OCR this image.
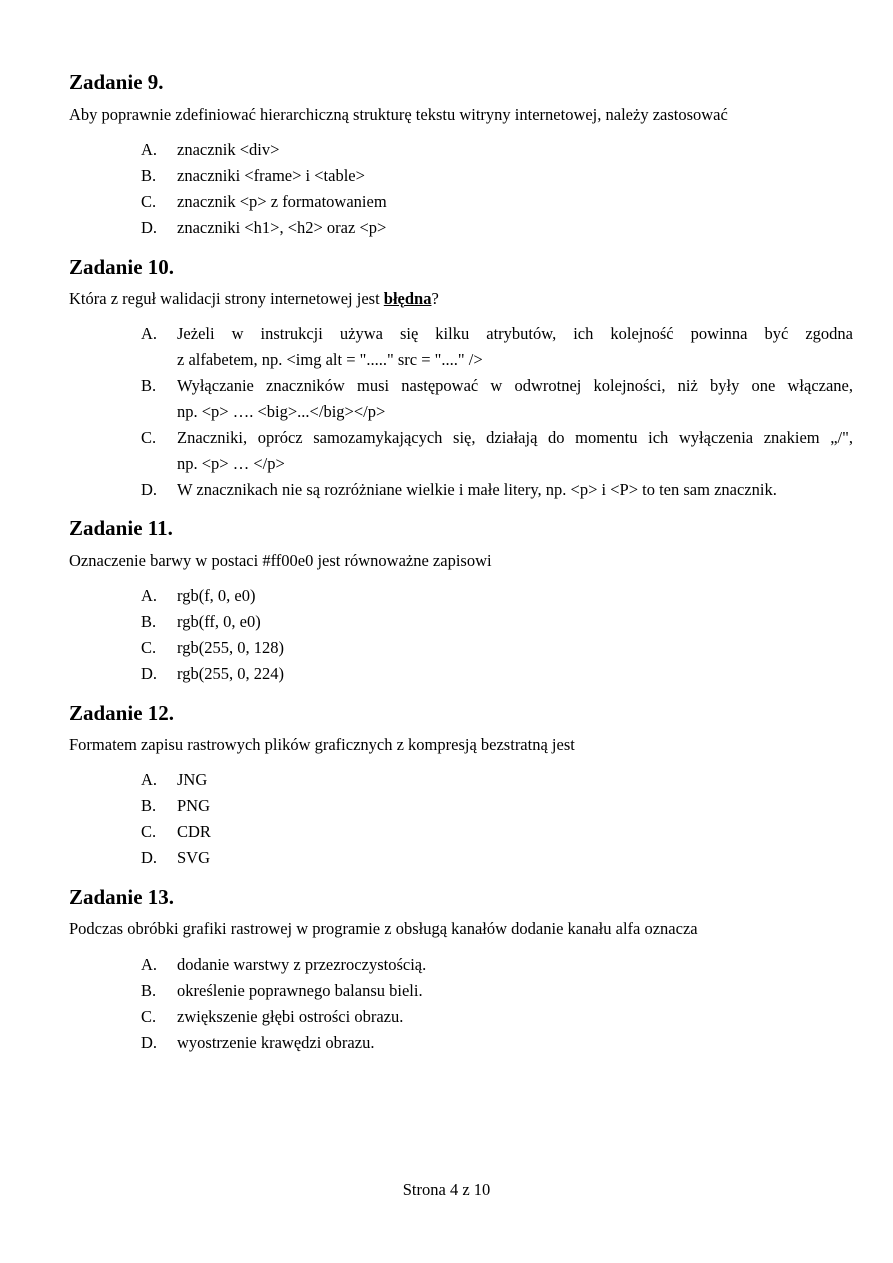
Zadanie 9.
Aby poprawnie zdefiniować hierarchiczną strukturę tekstu witryny internetowej, należy zastosować
A.	znacznik <div>
B.	znaczniki <frame> i <table>
C.	znacznik <p> z formatowaniem
D.	znaczniki <h1>, <h2> oraz <p>
Zadanie 10.
Która z reguł walidacji strony internetowej jest błędna?
A.	Jeżeli w instrukcji używa się kilku atrybutów, ich kolejność powinna być zgodna
z alfabetem, np. <img alt = "....." src = "...." />
B.	Wyłączanie znaczników musi następować w odwrotnej kolejności, niż były one włączane,
np. <p> …. <big>...</big></p>
C.	Znaczniki, oprócz samozamykających się, działają do momentu ich wyłączenia znakiem „/",
np. <p> … </p>
D.	W znacznikach nie są rozróżniane wielkie i małe litery, np. <p> i <P> to ten sam znacznik.
Zadanie 11.
Oznaczenie barwy w postaci #ff00e0 jest równoważne zapisowi
A.	rgb(f, 0, e0)
B.	rgb(ff, 0, e0)
C.	rgb(255, 0, 128)
D.	rgb(255, 0, 224)
Zadanie 12.
Formatem zapisu rastrowych plików graficznych z kompresją bezstratną jest
A.	JNG
B.	PNG
C.	CDR
D.	SVG
Zadanie 13.
Podczas obróbki grafiki rastrowej w programie z obsługą kanałów dodanie kanału alfa oznacza
A.	dodanie warstwy z przezroczystością.
B.	określenie poprawnego balansu bieli.
C.	zwiększenie głębi ostrości obrazu.
D.	wyostrzenie krawędzi obrazu.
Strona 4 z 10
